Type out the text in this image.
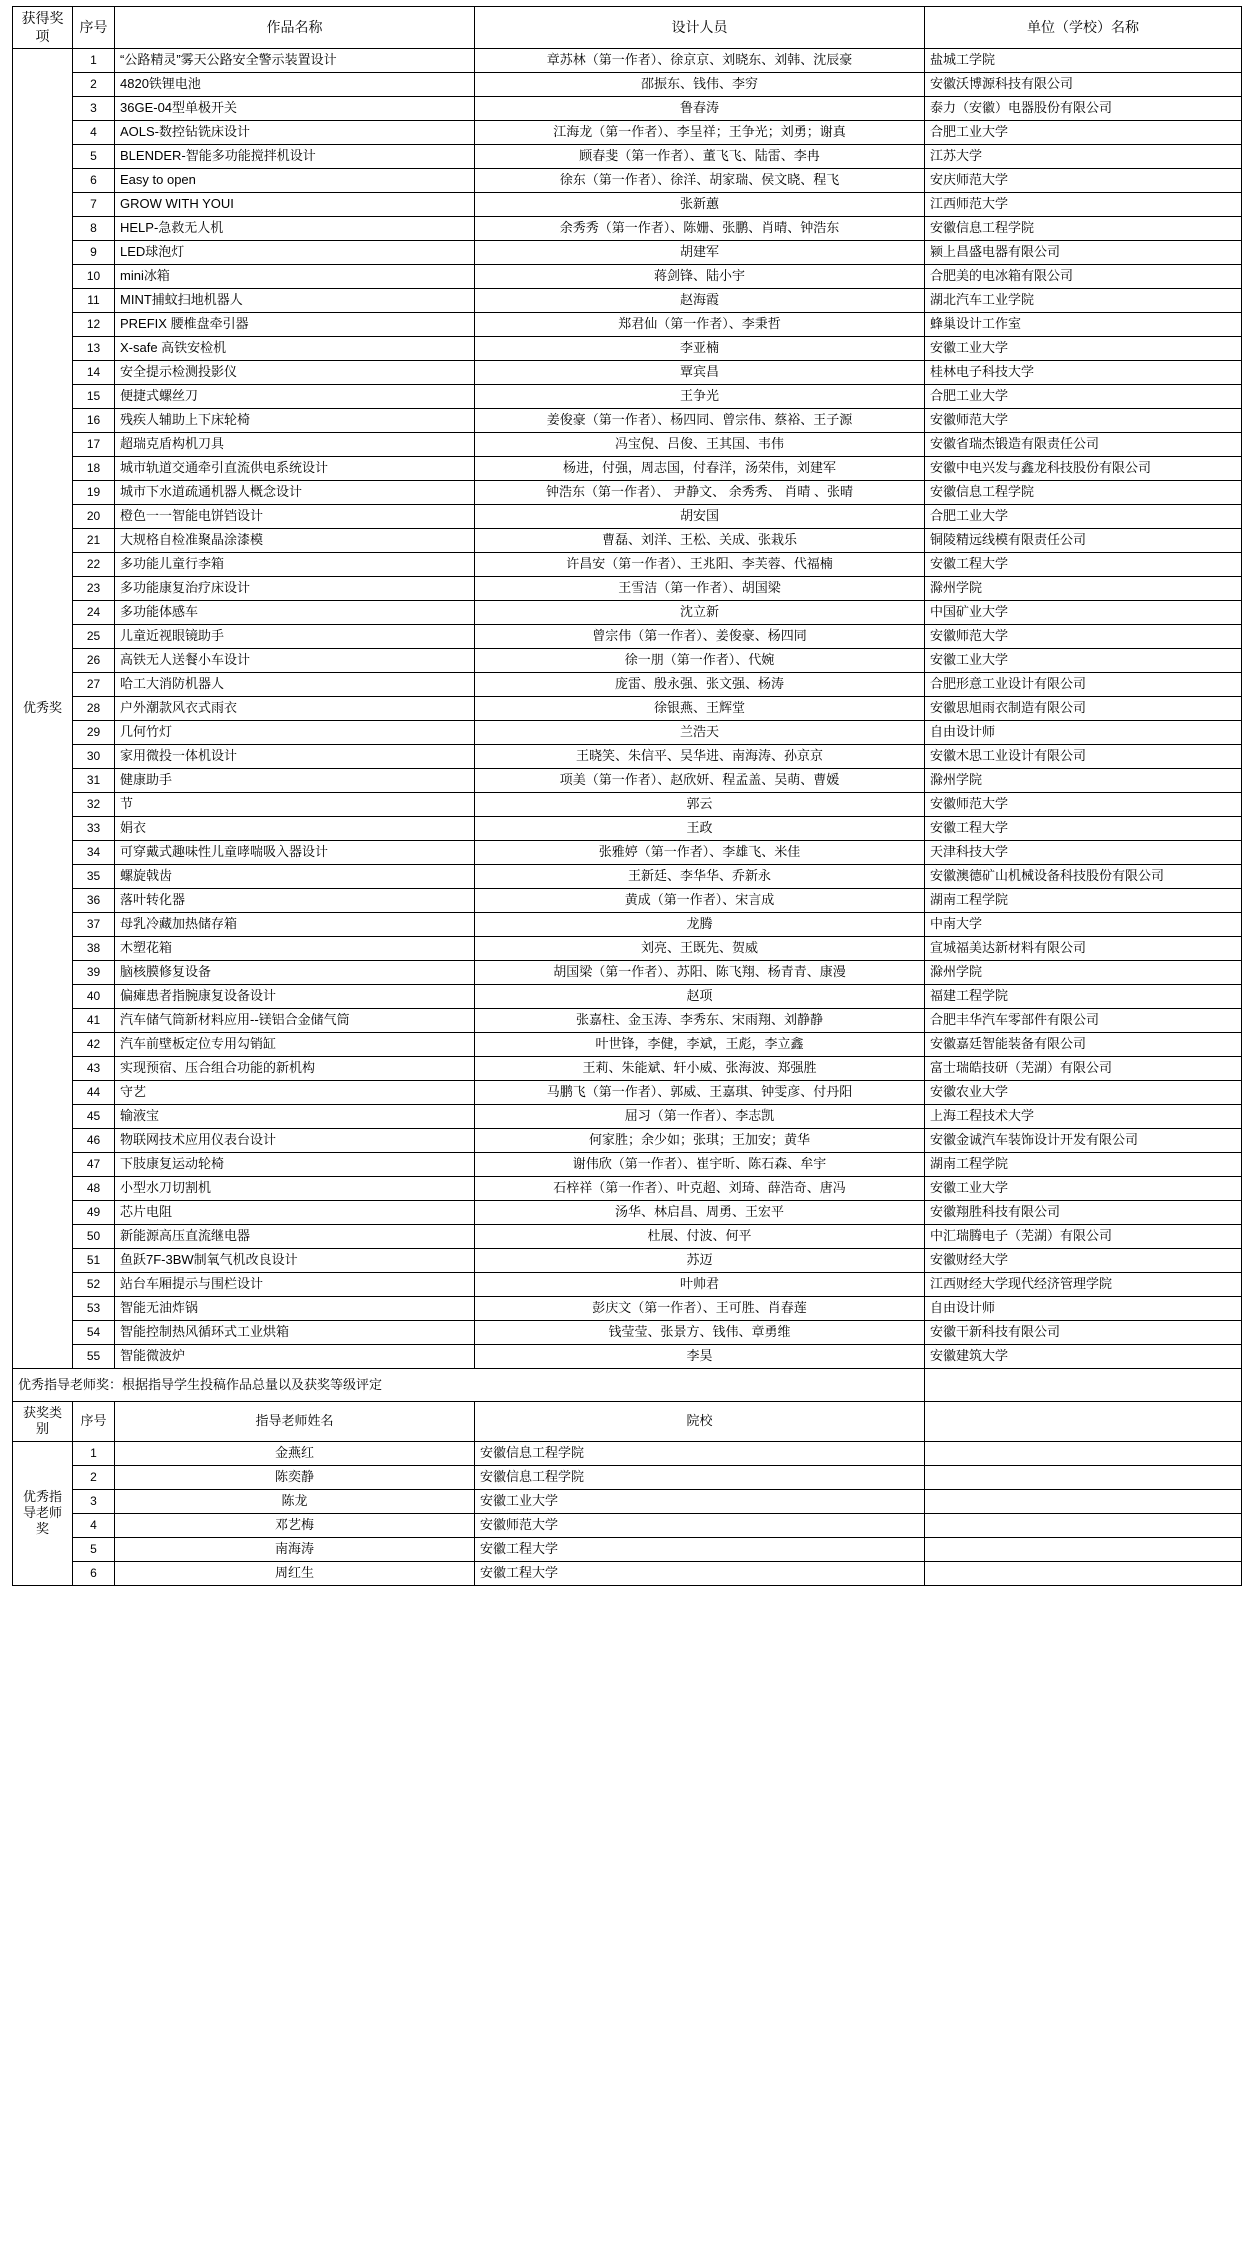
获得奖项	序号	作品名称	设计人员	单位（学校）名称
优秀奖	1	“公路精灵”雾天公路安全警示装置设计	章苏林（第一作者）、徐京京、刘晓东、刘韩、沈辰豪	盐城工学院
	2	4820铁锂电池	邵振东、钱伟、李穷	安徽沃博源科技有限公司
	3	36GE-04型单极开关	鲁春涛	泰力（安徽）电器股份有限公司
	4	AOLS-数控钻铣床设计	江海龙（第一作者）、李呈祥；王争光；刘勇；谢真	合肥工业大学
	5	BLENDER-智能多功能搅拌机设计	顾春斐（第一作者）、董飞飞、陆雷、李冉	江苏大学
	6	Easy to open	徐东（第一作者）、徐洋、胡家瑞、侯文晓、程飞	安庆师范大学
	7	GROW WITH YOUI	张新蕙	江西师范大学
	8	HELP-急救无人机	余秀秀（第一作者）、陈姗、张鹏、肖晴、钟浩东	安徽信息工程学院
	9	LED球泡灯	胡建军	颍上昌盛电器有限公司
	10	mini冰箱	蒋剑锋、陆小宇	合肥美的电冰箱有限公司
	11	MINT捕蚊扫地机器人	赵海霞	湖北汽车工业学院
	12	PREFIX 腰椎盘牵引器	郑君仙（第一作者）、李秉哲	蜂巢设计工作室
	13	X-safe 高铁安检机	李亚楠	安徽工业大学
	14	安全提示检测投影仪	覃宾昌	桂林电子科技大学
	15	便捷式螺丝刀	王争光	合肥工业大学
	16	残疾人辅助上下床轮椅	姜俊豪（第一作者）、杨四同、曾宗伟、蔡裕、王子源	安徽师范大学
	17	超瑞克盾构机刀具	冯宝倪、吕俊、王其国、韦伟	安徽省瑞杰锻造有限责任公司
	18	城市轨道交通牵引直流供电系统设计	杨进，付强，周志国，付春洋，汤荣伟，刘建军	安徽中电兴发与鑫龙科技股份有限公司
	19	城市下水道疏通机器人概念设计	钟浩东（第一作者）、 尹静文、 余秀秀、 肖晴 、张晴	安徽信息工程学院
	20	橙色一一智能电饼铛设计	胡安国	合肥工业大学
	21	大规格自检准聚晶涂漆模	曹磊、刘洋、王松、关成、张栽乐	铜陵精远线模有限责任公司
	22	多功能儿童行李箱	许昌安（第一作者）、王兆阳、李芙蓉、代福楠	安徽工程大学
	23	多功能康复治疗床设计	王雪洁（第一作者）、胡国梁	滁州学院
	24	多功能体感车	沈立新	中国矿业大学
	25	儿童近视眼镜助手	曾宗伟（第一作者）、姜俊豪、杨四同	安徽师范大学
	26	高铁无人送餐小车设计	徐一朋（第一作者）、代婉	安徽工业大学
	27	哈工大消防机器人	庞雷、殷永强、张文强、杨涛	合肥形意工业设计有限公司
	28	户外潮款风衣式雨衣	徐银燕、王辉堂	安徽思旭雨衣制造有限公司
	29	几何竹灯	兰浩天	自由设计师
	30	家用微投一体机设计	王晓笑、朱信平、吴华进、南海涛、孙京京	安徽木思工业设计有限公司
	31	健康助手	项美（第一作者）、赵欣妍、程孟盖、吴萌、曹媛	滁州学院
	32	节	郭云	安徽师范大学
	33	娟衣	王政	安徽工程大学
	34	可穿戴式趣味性儿童哮喘吸入器设计	张雅婷（第一作者）、李雄飞、米佳	天津科技大学
	35	螺旋戟齿	王新廷、李华华、乔新永	安徽澳德矿山机械设备科技股份有限公司
	36	落叶转化器	黄成（第一作者）、宋言成	湖南工程学院
	37	母乳冷藏加热储存箱	龙腾	中南大学
	38	木塑花箱	刘亮、王既先、贺威	宣城福美达新材料有限公司
	39	脑核膜修复设备	胡国梁（第一作者）、苏阳、陈飞翔、杨青青、康漫	滁州学院
	40	偏瘫患者指腕康复设备设计	赵项	福建工程学院
	41	汽车储气筒新材料应用--镁铝合金储气筒	张嘉柱、金玉涛、李秀东、宋雨翔、刘静静	合肥丰华汽车零部件有限公司
	42	汽车前壁板定位专用勾销缸	叶世锋，李健，李斌，王彪，李立鑫	安徽嘉廷智能装备有限公司
	43	实现预宿、压合组合功能的新机构	王莉、朱能斌、轩小威、张海波、郑强胜	富士瑞皓技研（芜湖）有限公司
	44	守艺	马鹏飞（第一作者）、郭威、王嘉琪、钟雯彦、付丹阳	安徽农业大学
	45	输液宝	屈习（第一作者）、李志凯	上海工程技术大学
	46	物联网技术应用仪表台设计	何家胜；余少如；张琪；王加安；黄华	安徽金诚汽车装饰设计开发有限公司
	47	下肢康复运动轮椅	谢伟欣（第一作者）、崔宇昕、陈石森、牟宇	湖南工程学院
	48	小型水刀切割机	石梓祥（第一作者）、叶克超、刘琦、薛浩奇、唐冯	安徽工业大学
	49	芯片电阻	汤华、林启昌、周勇、王宏平	安徽翔胜科技有限公司
	50	新能源高压直流继电器	杜展、付波、何平	中汇瑞腾电子（芜湖）有限公司
	51	鱼跃7F-3BW制氧气机改良设计	苏迈	安徽财经大学
	52	站台车厢提示与围栏设计	叶帅君	江西财经大学现代经济管理学院
	53	智能无油炸锅	彭庆文（第一作者）、王可胜、肖春莲	自由设计师
	54	智能控制热风循环式工业烘箱	钱莹莹、张景方、钱伟、章勇维	安徽干新科技有限公司
	55	智能微波炉	李昊	安徽建筑大学
优秀指导老师奖：根据指导学生投稿作品总量以及获奖等级评定				
获奖类别	序号	指导老师姓名	院校	
优秀指导老师奖	1	金燕红	安徽信息工程学院	
	2	陈奕静	安徽信息工程学院	
	3	陈龙	安徽工业大学	
	4	邓艺梅	安徽师范大学	
	5	南海涛	安徽工程大学	
	6	周红生	安徽工程大学	
